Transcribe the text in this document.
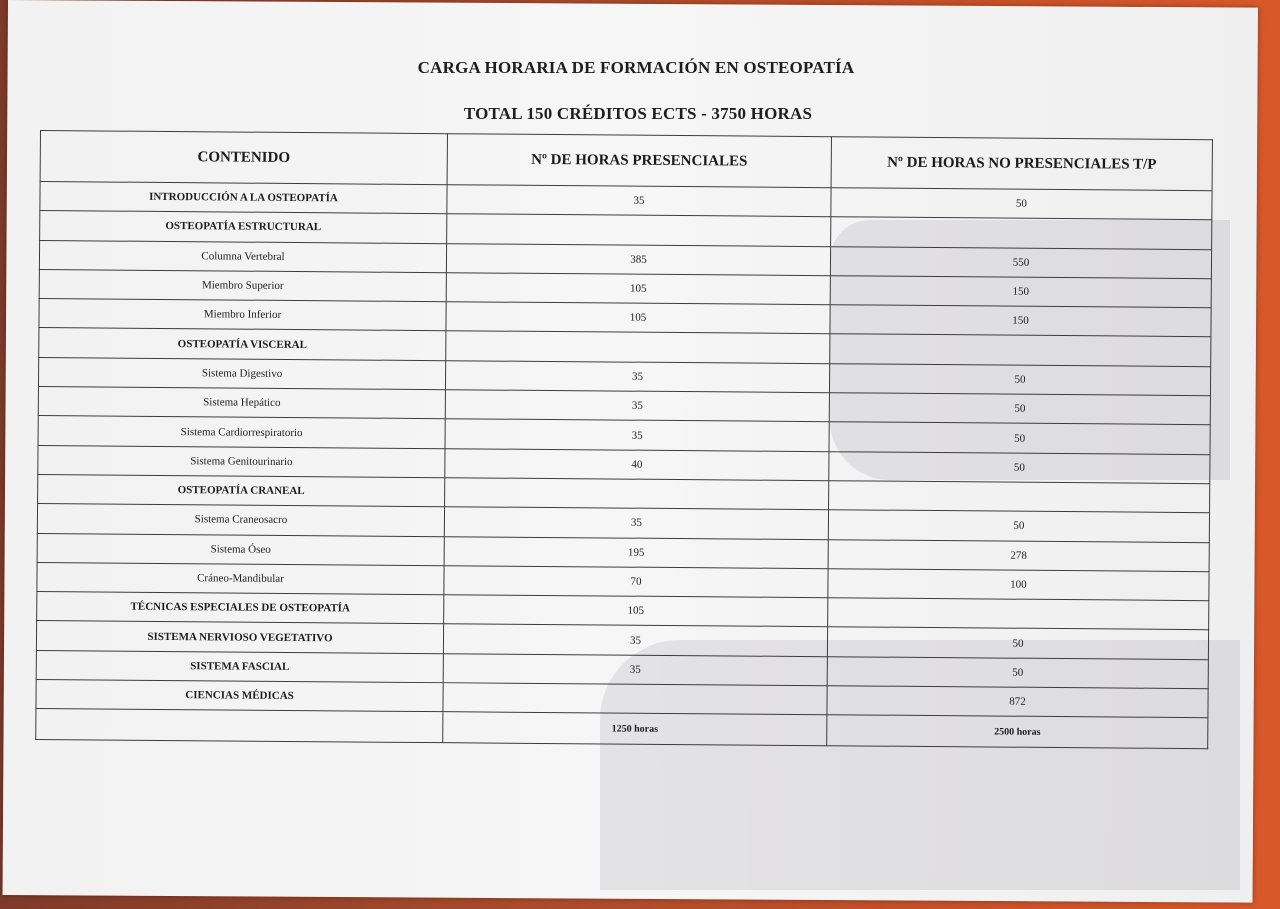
CARGA HORARIA DE FORMACIÓN EN OSTEOPATÍA
TOTAL 150 CRÉDITOS ECTS - 3750 HORAS
CONTENIDO	Nº DE HORAS PRESENCIALES	Nº DE HORAS NO PRESENCIALES T/P
INTRODUCCIÓN A LA OSTEOPATÍA	35	50
OSTEOPATÍA ESTRUCTURAL		
Columna Vertebral	385	550
Miembro Superior	105	150
Miembro Inferior	105	150
OSTEOPATÍA VISCERAL		
Sistema Digestivo	35	50
Sistema Hepático	35	50
Sistema Cardiorrespiratorio	35	50
Sistema Genitourinario	40	50
OSTEOPATÍA CRANEAL		
Sistema Craneosacro	35	50
Sistema Óseo	195	278
Cráneo-Mandibular	70	100
TÉCNICAS ESPECIALES DE OSTEOPATÍA	105	
SISTEMA NERVIOSO VEGETATIVO	35	50
SISTEMA FASCIAL	35	50
CIENCIAS MÉDICAS		872
	1250 horas	2500 horas
